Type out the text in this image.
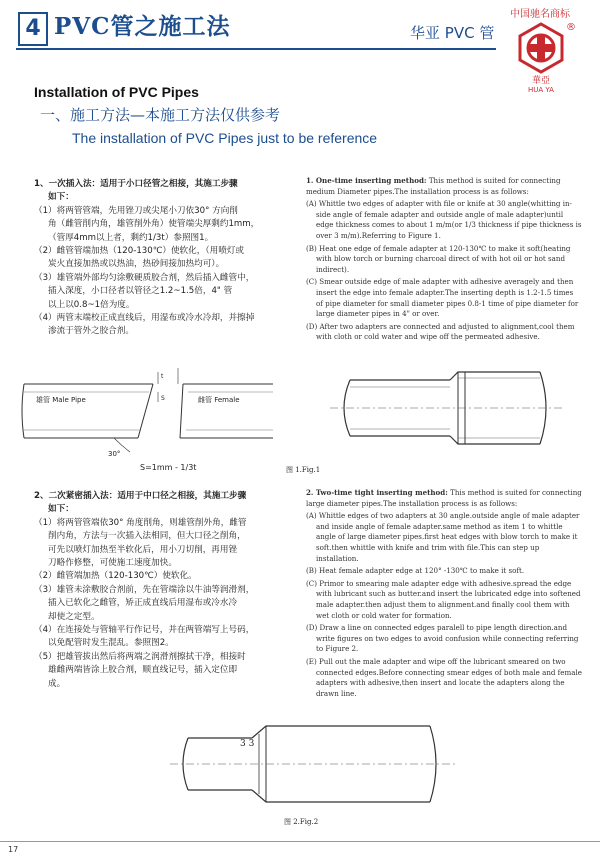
4 PVC管之施工法	华亚 PVC 管
中国驰名商标
華亞
HUA YA
®
Installation of PVC Pipes
一、施工方法—本施工方法仅供参考
The installation of PVC Pipes just to be reference

1、一次插入法：适用于小口径管之相接，其施工步骤

如下：

（1）将两管管端，先用锉刀或尖尾小刀依30° 方向削

角（雌管削内角，雄管削外角）使管端尖厚剩约1mm，

（管厚4mm以上者，剩约1/3t）参照图1。

（2）雌管管端加热（120-130℃）使软化，（用喷灯或

炭火直接加热或以热油，热砂间接加热均可）。

（3）雄管端外部均匀涂敷硬质胶合剂，然后插入雌管中，

插入深度，小口径者以管径之1.2~1.5倍，4" 管

以上以0.8~1倍为度。

（4）两管末端校正成直线后，用湿布或冷水冷却，并擦掉

渗流于管外之胶合剂。

1. One-time inserting method: This method is suited for connecting medium Diameter pipes.The installation process is as follows:

(A) Whittle two edges of adapter with file or knife at 30 angle(whitting in-side angle of female adapter and outside angle of male adapter)until edge thickness comes to about 1 m/m(or 1/3 thickness if pipe thickness is over 3 m/m).Referring to Figure 1.

(B) Heat one edge of female adapter at 120-130℃ to make it soft(heating with blow torch or burning charcoal direct of with hot oil or hot sand indirect).

(C) Smear outside edge of male adapter with adhesive averagely and then insert the edge into female adapter.The inserting depth is 1.2-1.5 times of pipe diameter for small diameter pipes 0.8-1 time of pipe diameter for large diameter pipes in 4" or over.

(D) After two adapters are connected and adjusted to alignment,cool them with cloth or cold water and wipe off the permeated adhesive.

雄管 Male Pipe	雌管 Female
30°
t
S
S=1mm - 1/3t	图 1.Fig.1

2、二次紧密插入法：适用于中口径之相接，其施工步骤

如下：

（1）将两管管端依30° 角度削角，则雄管削外角，雌管

削内角，方法与一次插入法相同，但大口径之削角，

可先以喷灯加热至半软化后，用小刀切削，再用锉

刀略作修整，可使施工速度加快。

（2）雌管端加热（120-130℃）使软化。

（3）雄管未涂敷胶合剂前，先在管端涂以牛油等润滑剂，

插入已软化之雌管，矫正成直线后用湿布或冷水冷

却使之定型。

（4）在连接处与管轴平行作记号，并在两管端写上号码，

以免配管时发生混乱。参照图2。

（5）把雄管拔出然后将两端之润滑剂擦拭干净，相接时

雄雌两端皆涂上胶合剂，顺直线记号，插入定位即

成。

2. Two-time tight inserting method: This method is suited for connecting large diameter pipes.The installation process is as follows:

(A) Whittle edges of two adapters at 30 angle.outside angle of male adapter and inside angle of female adapter.same method as item 1 to whittle angle of large diameter pipes.first heat edges with blow torch to make it soft.then whittle with knife and trim with file.This can step up installation.

(B) Heat female adapter edge at 120° -130℃ to make it soft.

(C) Primor to smearing male adapter edge with adhesive.spread the edge with lubricant such as butter.and insert the lubricated edge into softened male adapter.then adjust them to alignment.and finally cool them with wet cloth or cold water for formation.

(D) Draw a line on connected edges paralell to pipe length direction.and write figures on two edges to avoid confusion while connecting referring to Figure 2.

(E) Pull out the male adapter and wipe off the lubricant smeared on two connected edges.Before connecting smear edges of both male and female adapters with adhesive,then insert and locate the adapters along the drawn line.

3 3
图 2.Fig.2
17
